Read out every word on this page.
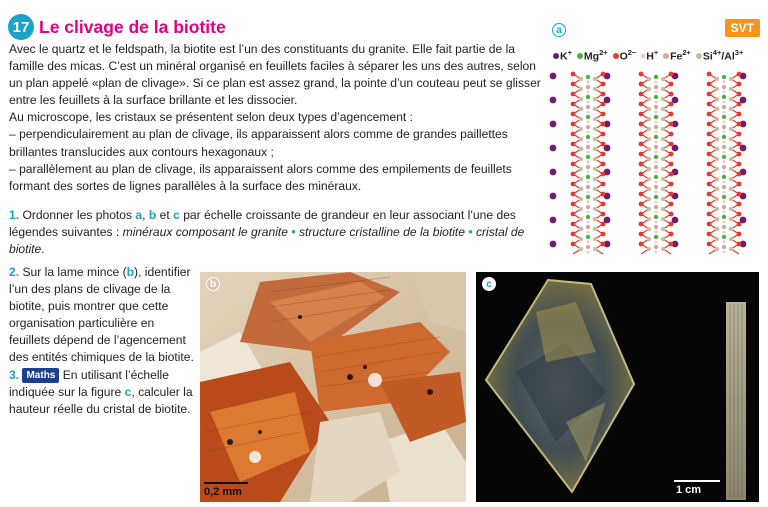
17 Le clivage de la biotite	SVT

Avec le quartz et le feldspath, la biotite est l’un des constituants du granite. Elle fait partie de la famille des micas. C’est un minéral organisé en feuillets faciles à séparer les uns des autres, selon un plan appelé «plan de clivage». Si ce plan est assez grand, la pointe d’un couteau peut se glisser entre les feuillets à la surface brillante et les dissocier.

Au microscope, les cristaux se présentent selon deux types d’agencement :

– perpendiculairement au plan de clivage, ils apparaissent alors comme de grandes paillettes brillantes translucides aux contours hexagonaux ;

– parallèlement au plan de clivage, ils apparaissent alors comme des empilements de feuillets formant des sortes de lignes parallèles à la surface des minéraux.

1. Ordonner les photos a, b et c par échelle croissante de grandeur en leur associant l’une des légendes suivantes : minéraux composant le granite • structure cristalline de la biotite • cristal de biotite.
2. Sur la lame mince (b), identifier l’un des plans de clivage de la biotite, puis montrer que cette organisation particulière en feuillets dépend de l’agencement des entités chimiques de la biotite.
3. Maths En utilisant l’échelle indiquée sur la figure c, calculer la hauteur réelle du cristal de biotite.
a
K+ $Mg^{2+}$ $O^{2-}$ H+ $Fe^{2+}$ $Si^{4+}/Al^{3+}$
b
0,2 mm
c
1 cm
